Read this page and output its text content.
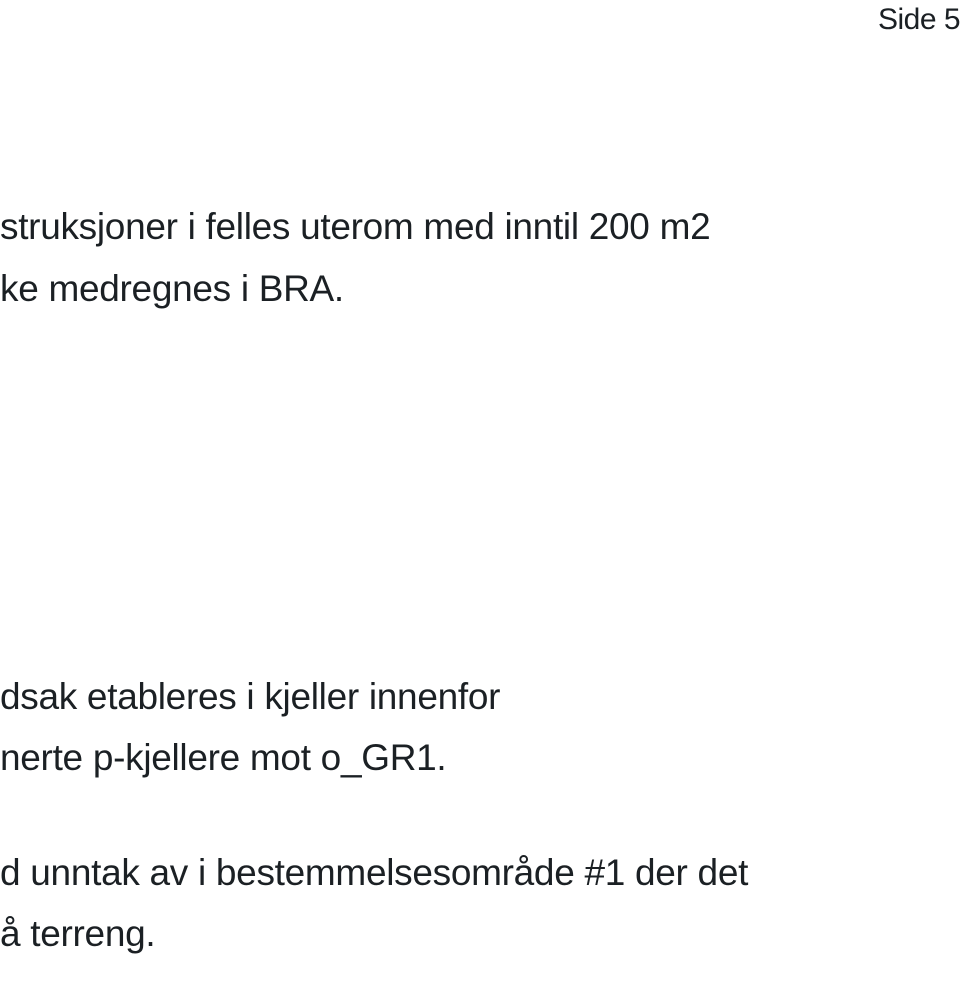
Side 5
struksjoner i felles uterom med inntil 200 m2
ke medregnes i BRA.
dsak etableres i kjeller innenfor
nerte p-kjellere mot o_GR1.
d unntak av i bestemmelsesområde #1 der det
å terreng.
